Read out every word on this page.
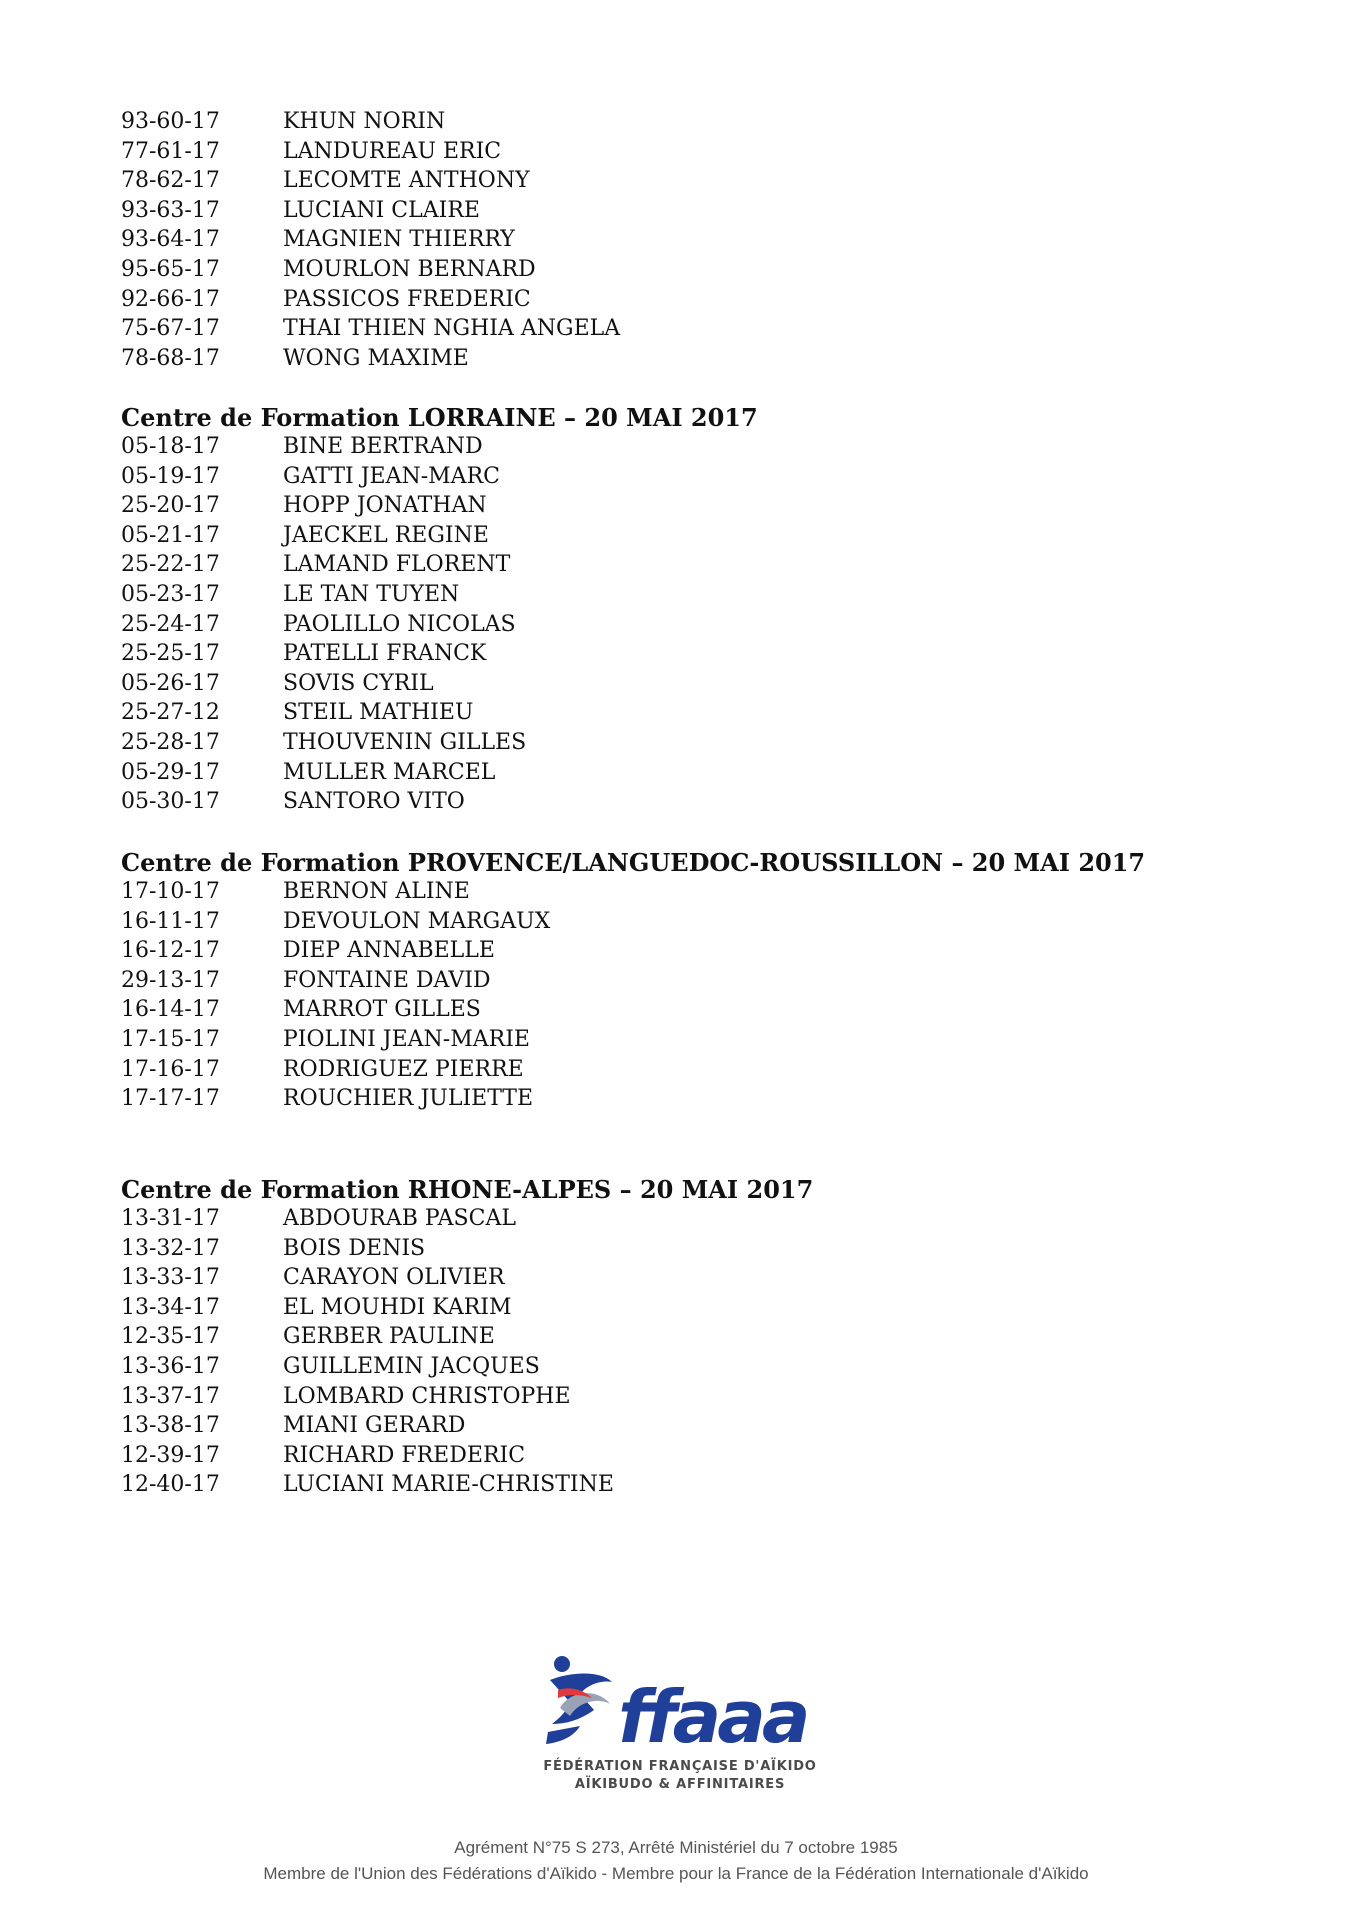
93-60-17	KHUN NORIN
77-61-17	LANDUREAU ERIC
78-62-17	LECOMTE ANTHONY
93-63-17	LUCIANI CLAIRE
93-64-17	MAGNIEN THIERRY
95-65-17	MOURLON BERNARD
92-66-17	PASSICOS FREDERIC
75-67-17	THAI THIEN NGHIA ANGELA
78-68-17	WONG MAXIME
Centre de Formation LORRAINE – 20 MAI 2017
05-18-17	BINE BERTRAND
05-19-17	GATTI JEAN-MARC
25-20-17	HOPP JONATHAN
05-21-17	JAECKEL REGINE
25-22-17	LAMAND FLORENT
05-23-17	LE TAN TUYEN
25-24-17	PAOLILLO NICOLAS
25-25-17	PATELLI FRANCK
05-26-17	SOVIS CYRIL
25-27-12	STEIL MATHIEU
25-28-17	THOUVENIN GILLES
05-29-17	MULLER MARCEL
05-30-17	SANTORO VITO
Centre de Formation PROVENCE/LANGUEDOC-ROUSSILLON – 20 MAI 2017
17-10-17	BERNON ALINE
16-11-17	DEVOULON MARGAUX
16-12-17	DIEP ANNABELLE
29-13-17	FONTAINE DAVID
16-14-17	MARROT GILLES
17-15-17	PIOLINI JEAN-MARIE
17-16-17	RODRIGUEZ PIERRE
17-17-17	ROUCHIER JULIETTE
Centre de Formation RHONE-ALPES – 20 MAI 2017
13-31-17	ABDOURAB PASCAL
13-32-17	BOIS DENIS
13-33-17	CARAYON OLIVIER
13-34-17	EL MOUHDI KARIM
12-35-17	GERBER PAULINE
13-36-17	GUILLEMIN JACQUES
13-37-17	LOMBARD CHRISTOPHE
13-38-17	MIANI GERARD
12-39-17	RICHARD FREDERIC
12-40-17	LUCIANI MARIE-CHRISTINE
ffaaa
FÉDÉRATION FRANÇAISE D'AÏKIDO
AÏKIBUDO & AFFINITAIRES
Agrément N°75 S 273, Arrêté Ministériel du 7 octobre 1985
Membre de l'Union des Fédérations d'Aïkido - Membre pour la France de la Fédération Internationale d'Aïkido
